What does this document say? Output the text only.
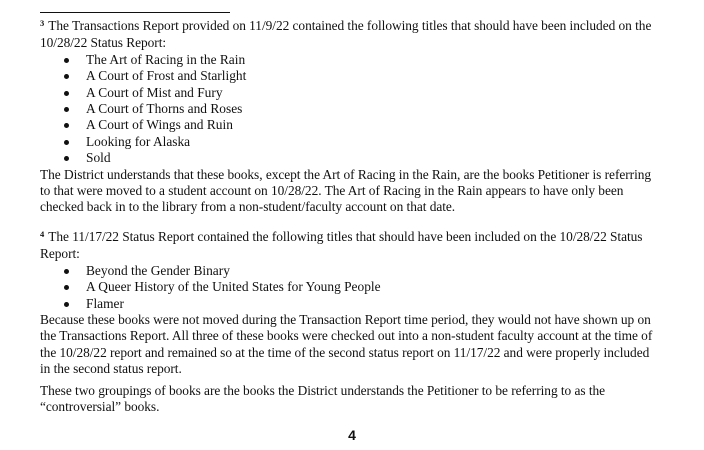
$^3$ The Transactions Report provided on 11/9/22 contained the following titles that should have been included on the
10/28/22 Status Report:

The Art of Racing in the Rain
A Court of Frost and Starlight
A Court of Mist and Fury
A Court of Thorns and Roses
A Court of Wings and Ruin
Looking for Alaska
Sold

The District understands that these books, except the Art of Racing in the Rain, are the books Petitioner is referring
to that were moved to a student account on 10/28/22. The Art of Racing in the Rain appears to have only been
checked back in to the library from a non-student/faculty account on that date.

$^4$ The 11/17/22 Status Report contained the following titles that should have been included on the 10/28/22 Status
Report:

Beyond the Gender Binary
A Queer History of the United States for Young People
Flamer

Because these books were not moved during the Transaction Report time period, they would not have shown up on
the Transactions Report. All three of these books were checked out into a non-student faculty account at the time of
the 10/28/22 report and remained so at the time of the second status report on 11/17/22 and were properly included
in the second status report.

These two groupings of books are the books the District understands the Petitioner to be referring to as the
“controversial” books.

4
